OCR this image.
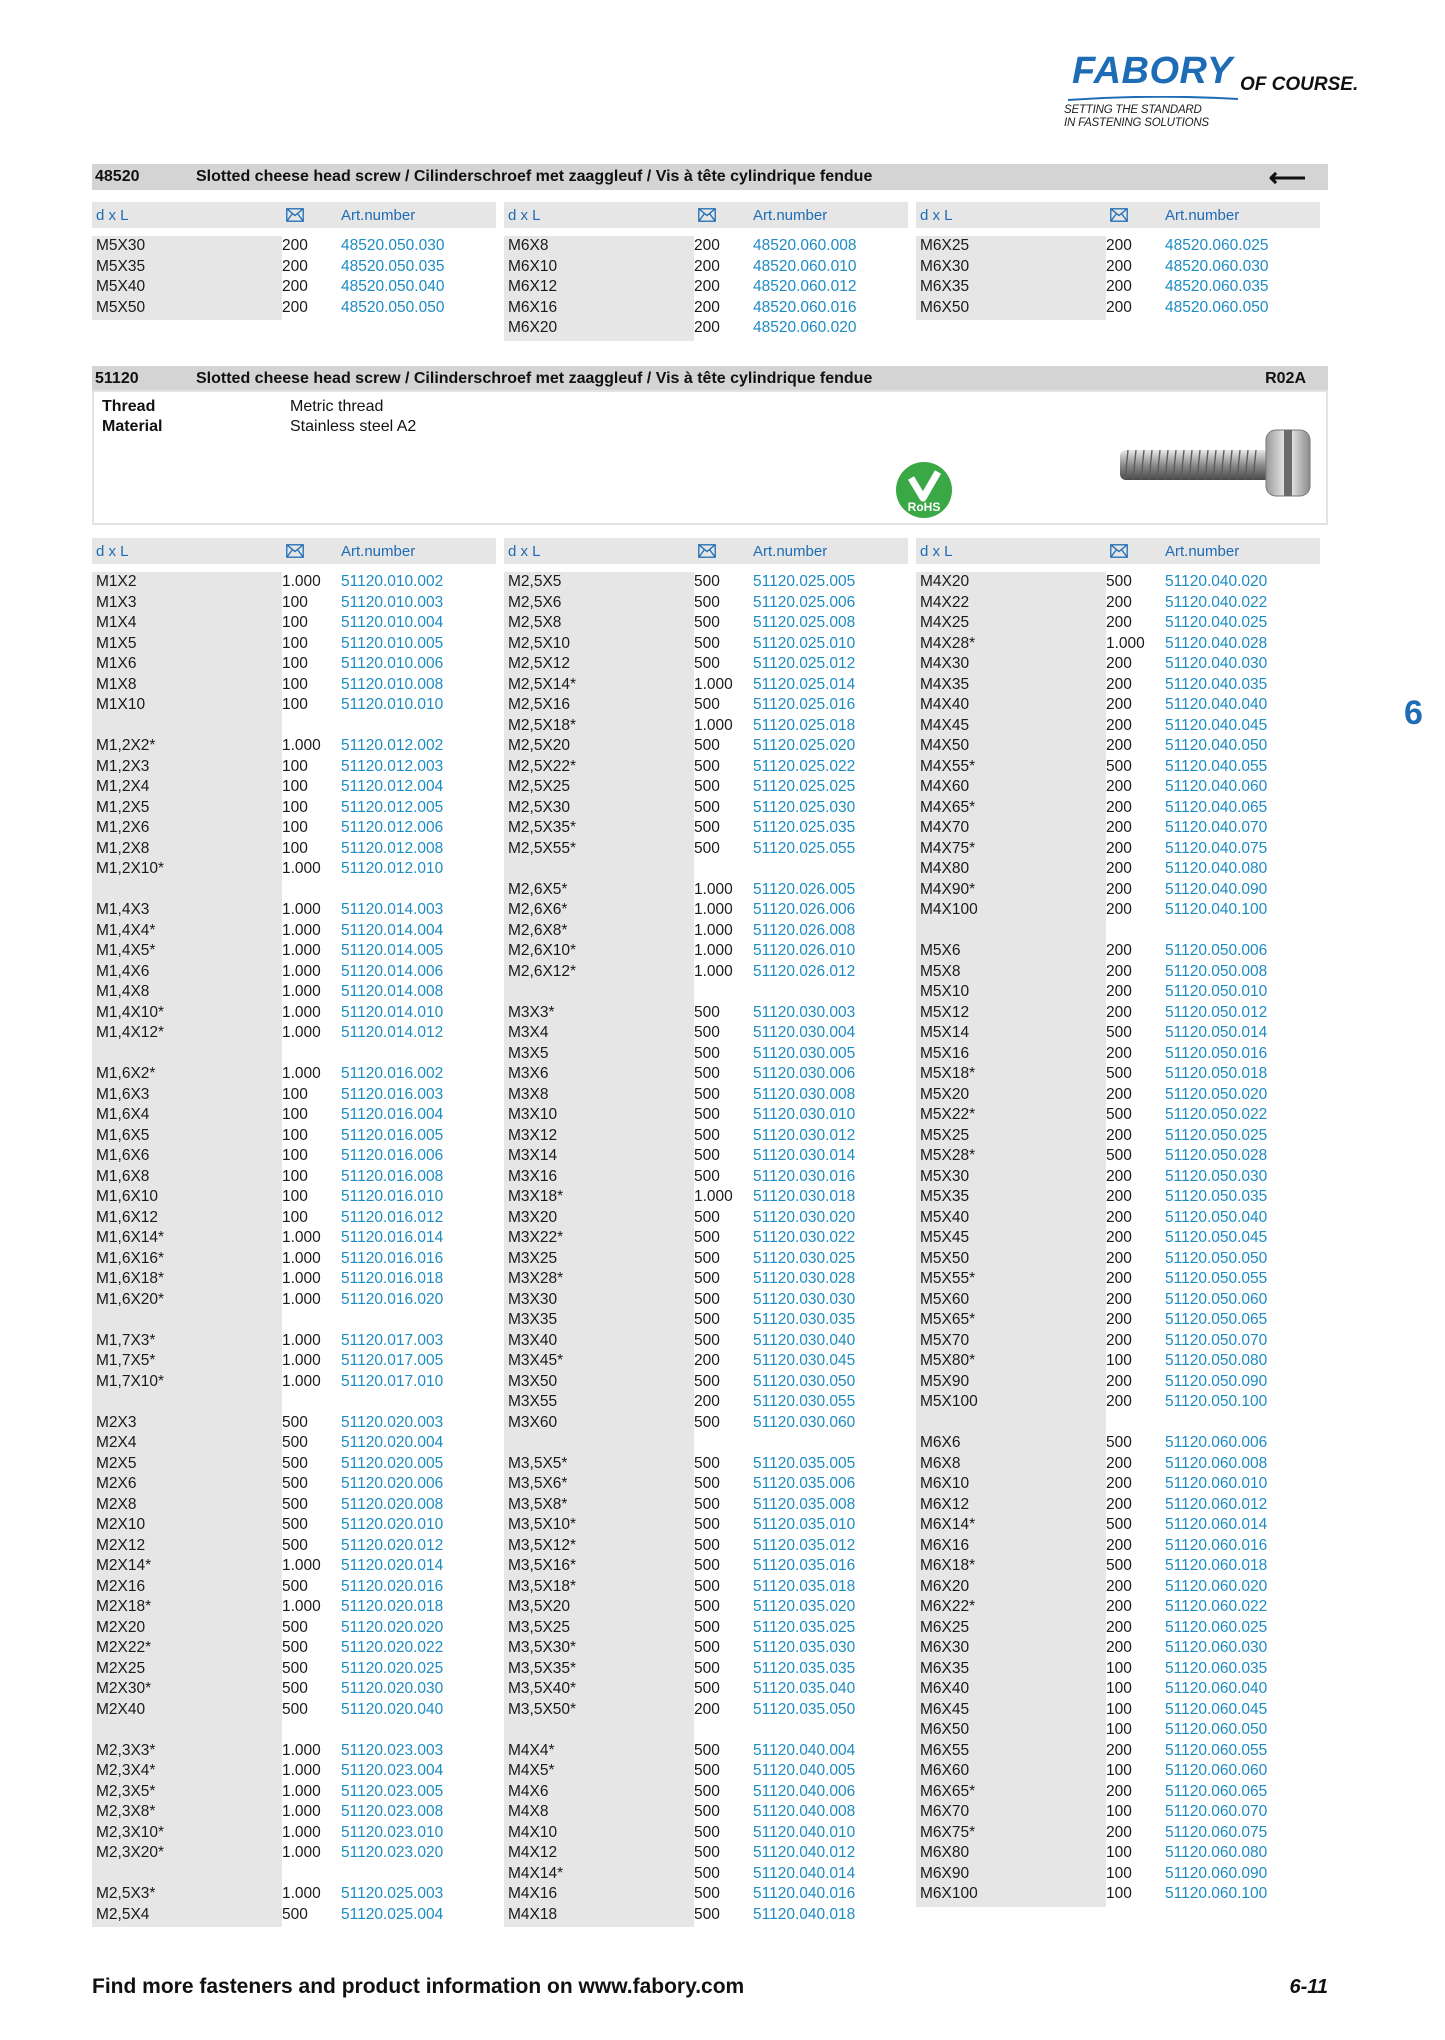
FABORY OF COURSE.
SETTING THE STANDARD
IN FASTENING SOLUTIONS
48520	Slotted cheese head screw / Cilinderschroef met zaaggleuf / Vis à tête cylindrique fendue	⟵
d x L	Art.number	d x L	Art.number	d x L	Art.number
M5X30	200 48520.050.030
M5X35	200 48520.050.035
M5X40	200 48520.050.040
M5X50	200 48520.050.050
M6X8	200 48520.060.008
M6X10	200 48520.060.010
M6X12	200 48520.060.012
M6X16	200 48520.060.016
M6X20	200 48520.060.020
M6X25	200 48520.060.025
M6X30	200 48520.060.030
M6X35	200 48520.060.035
M6X50	200 48520.060.050
51120	Slotted cheese head screw / Cilinderschroef met zaaggleuf / Vis à tête cylindrique fendue	R02A
Thread	Metric thread
Material	Stainless steel A2
RoHS
d x L	Art.number	d x L	Art.number	d x L	Art.number
M1X2	1.000 51120.010.002
M1X3	100 51120.010.003
M1X4	100 51120.010.004
M1X5	100 51120.010.005
M1X6	100 51120.010.006
M1X8	100 51120.010.008
M1X10	100 51120.010.010
M1,2X2*	1.000 51120.012.002
M1,2X3	100 51120.012.003
M1,2X4	100 51120.012.004
M1,2X5	100 51120.012.005
M1,2X6	100 51120.012.006
M1,2X8	100 51120.012.008
M1,2X10*	1.000 51120.012.010
M1,4X3	1.000 51120.014.003
M1,4X4*	1.000 51120.014.004
M1,4X5*	1.000 51120.014.005
M1,4X6	1.000 51120.014.006
M1,4X8	1.000 51120.014.008
M1,4X10*	1.000 51120.014.010
M1,4X12*	1.000 51120.014.012
M1,6X2*	1.000 51120.016.002
M1,6X3	100 51120.016.003
M1,6X4	100 51120.016.004
M1,6X5	100 51120.016.005
M1,6X6	100 51120.016.006
M1,6X8	100 51120.016.008
M1,6X10	100 51120.016.010
M1,6X12	100 51120.016.012
M1,6X14*	1.000 51120.016.014
M1,6X16*	1.000 51120.016.016
M1,6X18*	1.000 51120.016.018
M1,6X20*	1.000 51120.016.020
M1,7X3*	1.000 51120.017.003
M1,7X5*	1.000 51120.017.005
M1,7X10*	1.000 51120.017.010
M2X3	500 51120.020.003
M2X4	500 51120.020.004
M2X5	500 51120.020.005
M2X6	500 51120.020.006
M2X8	500 51120.020.008
M2X10	500 51120.020.010
M2X12	500 51120.020.012
M2X14*	1.000 51120.020.014
M2X16	500 51120.020.016
M2X18*	1.000 51120.020.018
M2X20	500 51120.020.020
M2X22*	500 51120.020.022
M2X25	500 51120.020.025
M2X30*	500 51120.020.030
M2X40	500 51120.020.040
M2,3X3*	1.000 51120.023.003
M2,3X4*	1.000 51120.023.004
M2,3X5*	1.000 51120.023.005
M2,3X8*	1.000 51120.023.008
M2,3X10*	1.000 51120.023.010
M2,3X20*	1.000 51120.023.020
M2,5X3*	1.000 51120.025.003
M2,5X4	500 51120.025.004
M2,5X5	500 51120.025.005
M2,5X6	500 51120.025.006
M2,5X8	500 51120.025.008
M2,5X10	500 51120.025.010
M2,5X12	500 51120.025.012
M2,5X14*	1.000 51120.025.014
M2,5X16	500 51120.025.016
M2,5X18*	1.000 51120.025.018
M2,5X20	500 51120.025.020
M2,5X22*	500 51120.025.022
M2,5X25	500 51120.025.025
M2,5X30	500 51120.025.030
M2,5X35*	500 51120.025.035
M2,5X55*	500 51120.025.055
M2,6X5*	1.000 51120.026.005
M2,6X6*	1.000 51120.026.006
M2,6X8*	1.000 51120.026.008
M2,6X10*	1.000 51120.026.010
M2,6X12*	1.000 51120.026.012
M3X3*	500 51120.030.003
M3X4	500 51120.030.004
M3X5	500 51120.030.005
M3X6	500 51120.030.006
M3X8	500 51120.030.008
M3X10	500 51120.030.010
M3X12	500 51120.030.012
M3X14	500 51120.030.014
M3X16	500 51120.030.016
M3X18*	1.000 51120.030.018
M3X20	500 51120.030.020
M3X22*	500 51120.030.022
M3X25	500 51120.030.025
M3X28*	500 51120.030.028
M3X30	500 51120.030.030
M3X35	500 51120.030.035
M3X40	500 51120.030.040
M3X45*	200 51120.030.045
M3X50	500 51120.030.050
M3X55	200 51120.030.055
M3X60	500 51120.030.060
M3,5X5*	500 51120.035.005
M3,5X6*	500 51120.035.006
M3,5X8*	500 51120.035.008
M3,5X10*	500 51120.035.010
M3,5X12*	500 51120.035.012
M3,5X16*	500 51120.035.016
M3,5X18*	500 51120.035.018
M3,5X20	500 51120.035.020
M3,5X25	500 51120.035.025
M3,5X30*	500 51120.035.030
M3,5X35*	500 51120.035.035
M3,5X40*	500 51120.035.040
M3,5X50*	200 51120.035.050
M4X4*	500 51120.040.004
M4X5*	500 51120.040.005
M4X6	500 51120.040.006
M4X8	500 51120.040.008
M4X10	500 51120.040.010
M4X12	500 51120.040.012
M4X14*	500 51120.040.014
M4X16	500 51120.040.016
M4X18	500 51120.040.018
M4X20	500 51120.040.020
M4X22	200 51120.040.022
M4X25	200 51120.040.025
M4X28*	1.000 51120.040.028
M4X30	200 51120.040.030
M4X35	200 51120.040.035
M4X40	200 51120.040.040
M4X45	200 51120.040.045
M4X50	200 51120.040.050
M4X55*	500 51120.040.055
M4X60	200 51120.040.060
M4X65*	200 51120.040.065
M4X70	200 51120.040.070
M4X75*	200 51120.040.075
M4X80	200 51120.040.080
M4X90*	200 51120.040.090
M4X100	200 51120.040.100
M5X6	200 51120.050.006
M5X8	200 51120.050.008
M5X10	200 51120.050.010
M5X12	200 51120.050.012
M5X14	500 51120.050.014
M5X16	200 51120.050.016
M5X18*	500 51120.050.018
M5X20	200 51120.050.020
M5X22*	500 51120.050.022
M5X25	200 51120.050.025
M5X28*	500 51120.050.028
M5X30	200 51120.050.030
M5X35	200 51120.050.035
M5X40	200 51120.050.040
M5X45	200 51120.050.045
M5X50	200 51120.050.050
M5X55*	200 51120.050.055
M5X60	200 51120.050.060
M5X65*	200 51120.050.065
M5X70	200 51120.050.070
M5X80*	100 51120.050.080
M5X90	200 51120.050.090
M5X100	200 51120.050.100
M6X6	500 51120.060.006
M6X8	200 51120.060.008
M6X10	200 51120.060.010
M6X12	200 51120.060.012
M6X14*	500 51120.060.014
M6X16	200 51120.060.016
M6X18*	500 51120.060.018
M6X20	200 51120.060.020
M6X22*	200 51120.060.022
M6X25	200 51120.060.025
M6X30	200 51120.060.030
M6X35	100 51120.060.035
M6X40	100 51120.060.040
M6X45	100 51120.060.045
M6X50	100 51120.060.050
M6X55	200 51120.060.055
M6X60	100 51120.060.060
M6X65*	200 51120.060.065
M6X70	100 51120.060.070
M6X75*	200 51120.060.075
M6X80	100 51120.060.080
M6X90	100 51120.060.090
M6X100	100 51120.060.100
6
Find more fasteners and product information on www.fabory.com	6-11
